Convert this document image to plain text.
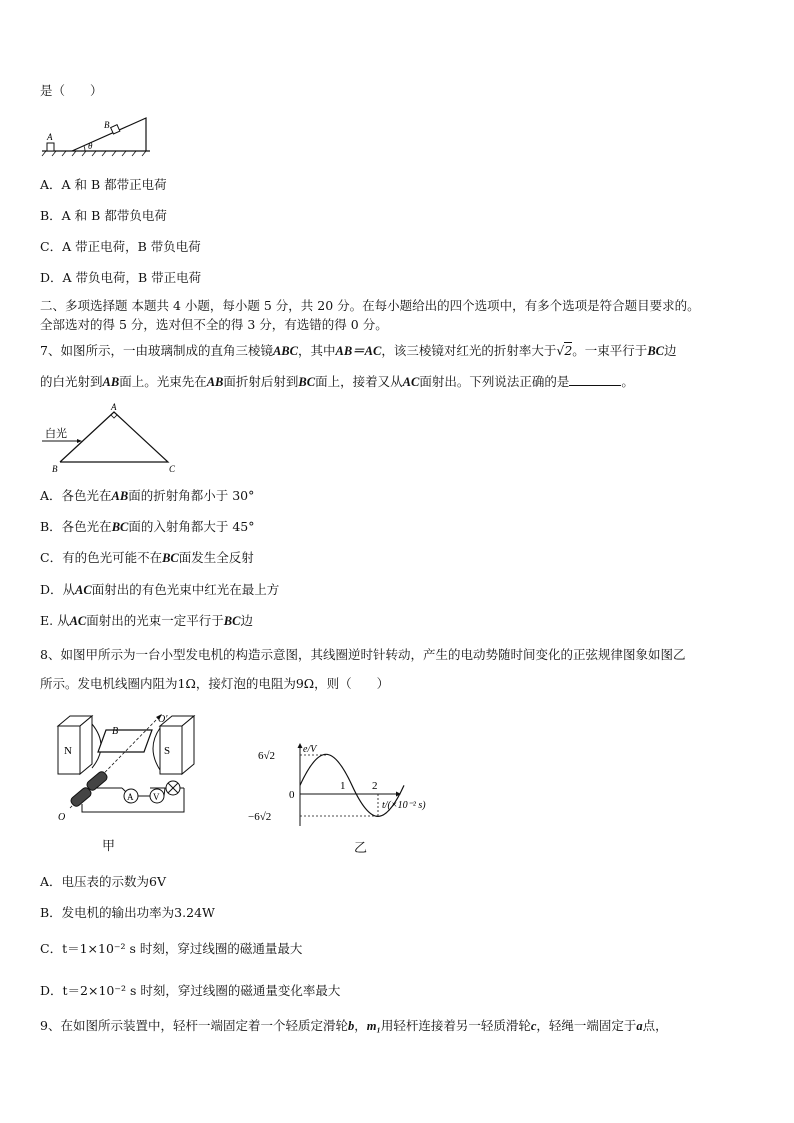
是（　　）
A
B
θ
A．A 和 B 都带正电荷
B．A 和 B 都带负电荷
C．A 带正电荷，B 带负电荷
D．A 带负电荷，B 带正电荷
二、多项选择题 本题共 4 小题，每小题 5 分，共 20 分。在每小题给出的四个选项中，有多个选项是符合题目要求的。
全部选对的得 5 分，选对但不全的得 3 分，有选错的得 0 分。
7、如图所示，一由玻璃制成的直角三棱镜ABC，其中AB＝AC，该三棱镜对红光的折射率大于√2。一束平行于BC边
的白光射到AB面上。光束先在AB面折射后射到BC面上，接着又从AC面射出。下列说法正确的是	。
白光
A
B	C
A．各色光在AB面的折射角都小于 30°
B．各色光在BC面的入射角都大于 45°
C．有的色光可能不在BC面发生全反射
D．从AC面射出的有色光束中红光在最上方
E. 从AC面射出的光束一定平行于BC边
8、如图甲所示为一台小型发电机的构造示意图，其线圈逆时针转动，产生的电动势随时间变化的正弦规律图象如图乙
所示。发电机线圈内阻为1Ω，接灯泡的电阻为9Ω，则（　　）
N	S
A V
B
O′
O
甲
e/V
6√2
0
−6√2
1 2
t/(×10⁻² s)
乙
A．电压表的示数为6V
B．发电机的输出功率为3.24W
C．t＝1×10⁻² s 时刻，穿过线圈的磁通量最大
D．t＝2×10⁻² s 时刻，穿过线圈的磁通量变化率最大
9、在如图所示装置中，轻杆一端固定着一个轻质定滑轮b，m₁用轻杆连接着另一轻质滑轮c，轻绳一端固定于a点，
